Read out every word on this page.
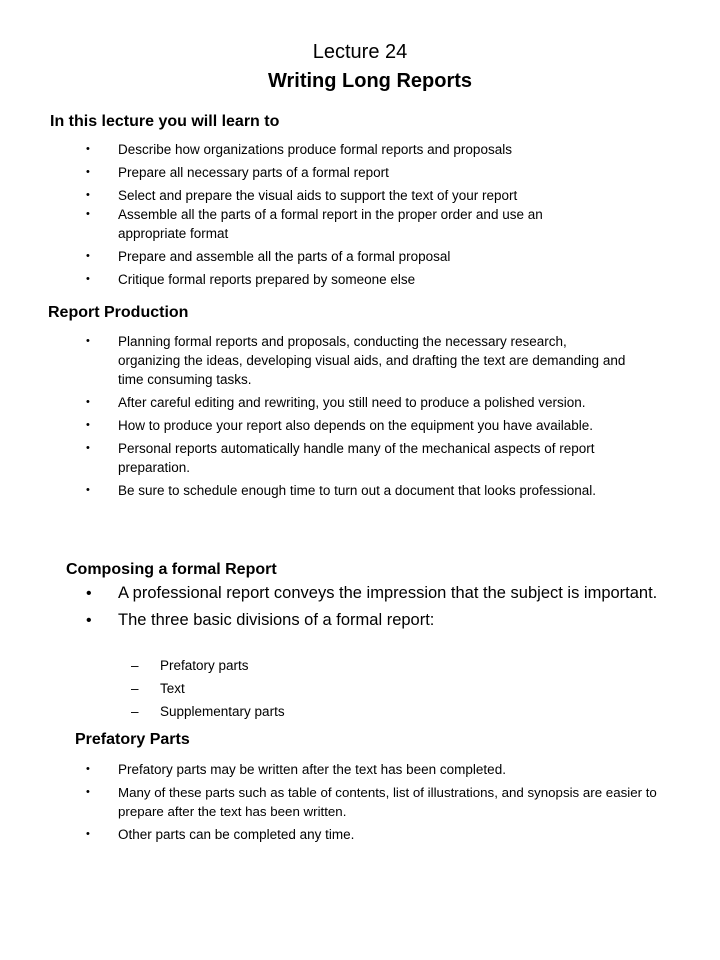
Lecture 24
Writing Long Reports
In this lecture you will learn to
• Describe how organizations produce formal reports and proposals
• Prepare all necessary parts of a formal report
• Select and prepare the visual aids to support the text of your report
• Assemble all the parts of a formal report in the proper order and use an appropriate format
• Prepare and assemble all the parts of a formal proposal
• Critique formal reports prepared by someone else
Report Production
• Planning formal reports and proposals, conducting the necessary research, organizing the ideas, developing visual aids, and drafting the text are demanding and time consuming tasks.
• After careful editing and rewriting, you still need to produce a polished version.
• How to produce your report also depends on the equipment you have available.
• Personal reports automatically handle many of the mechanical aspects of report preparation.
• Be sure to schedule enough time to turn out a document that looks professional.
Composing a formal Report
• A professional report conveys the impression that the subject is important.
• The three basic divisions of a formal report:
– Prefatory parts
– Text
– Supplementary parts
Prefatory Parts
• Prefatory parts may be written after the text has been completed.
• Many of these parts such as table of contents, list of illustrations, and synopsis are easier to prepare after the text has been written.
• Other parts can be completed any time.
